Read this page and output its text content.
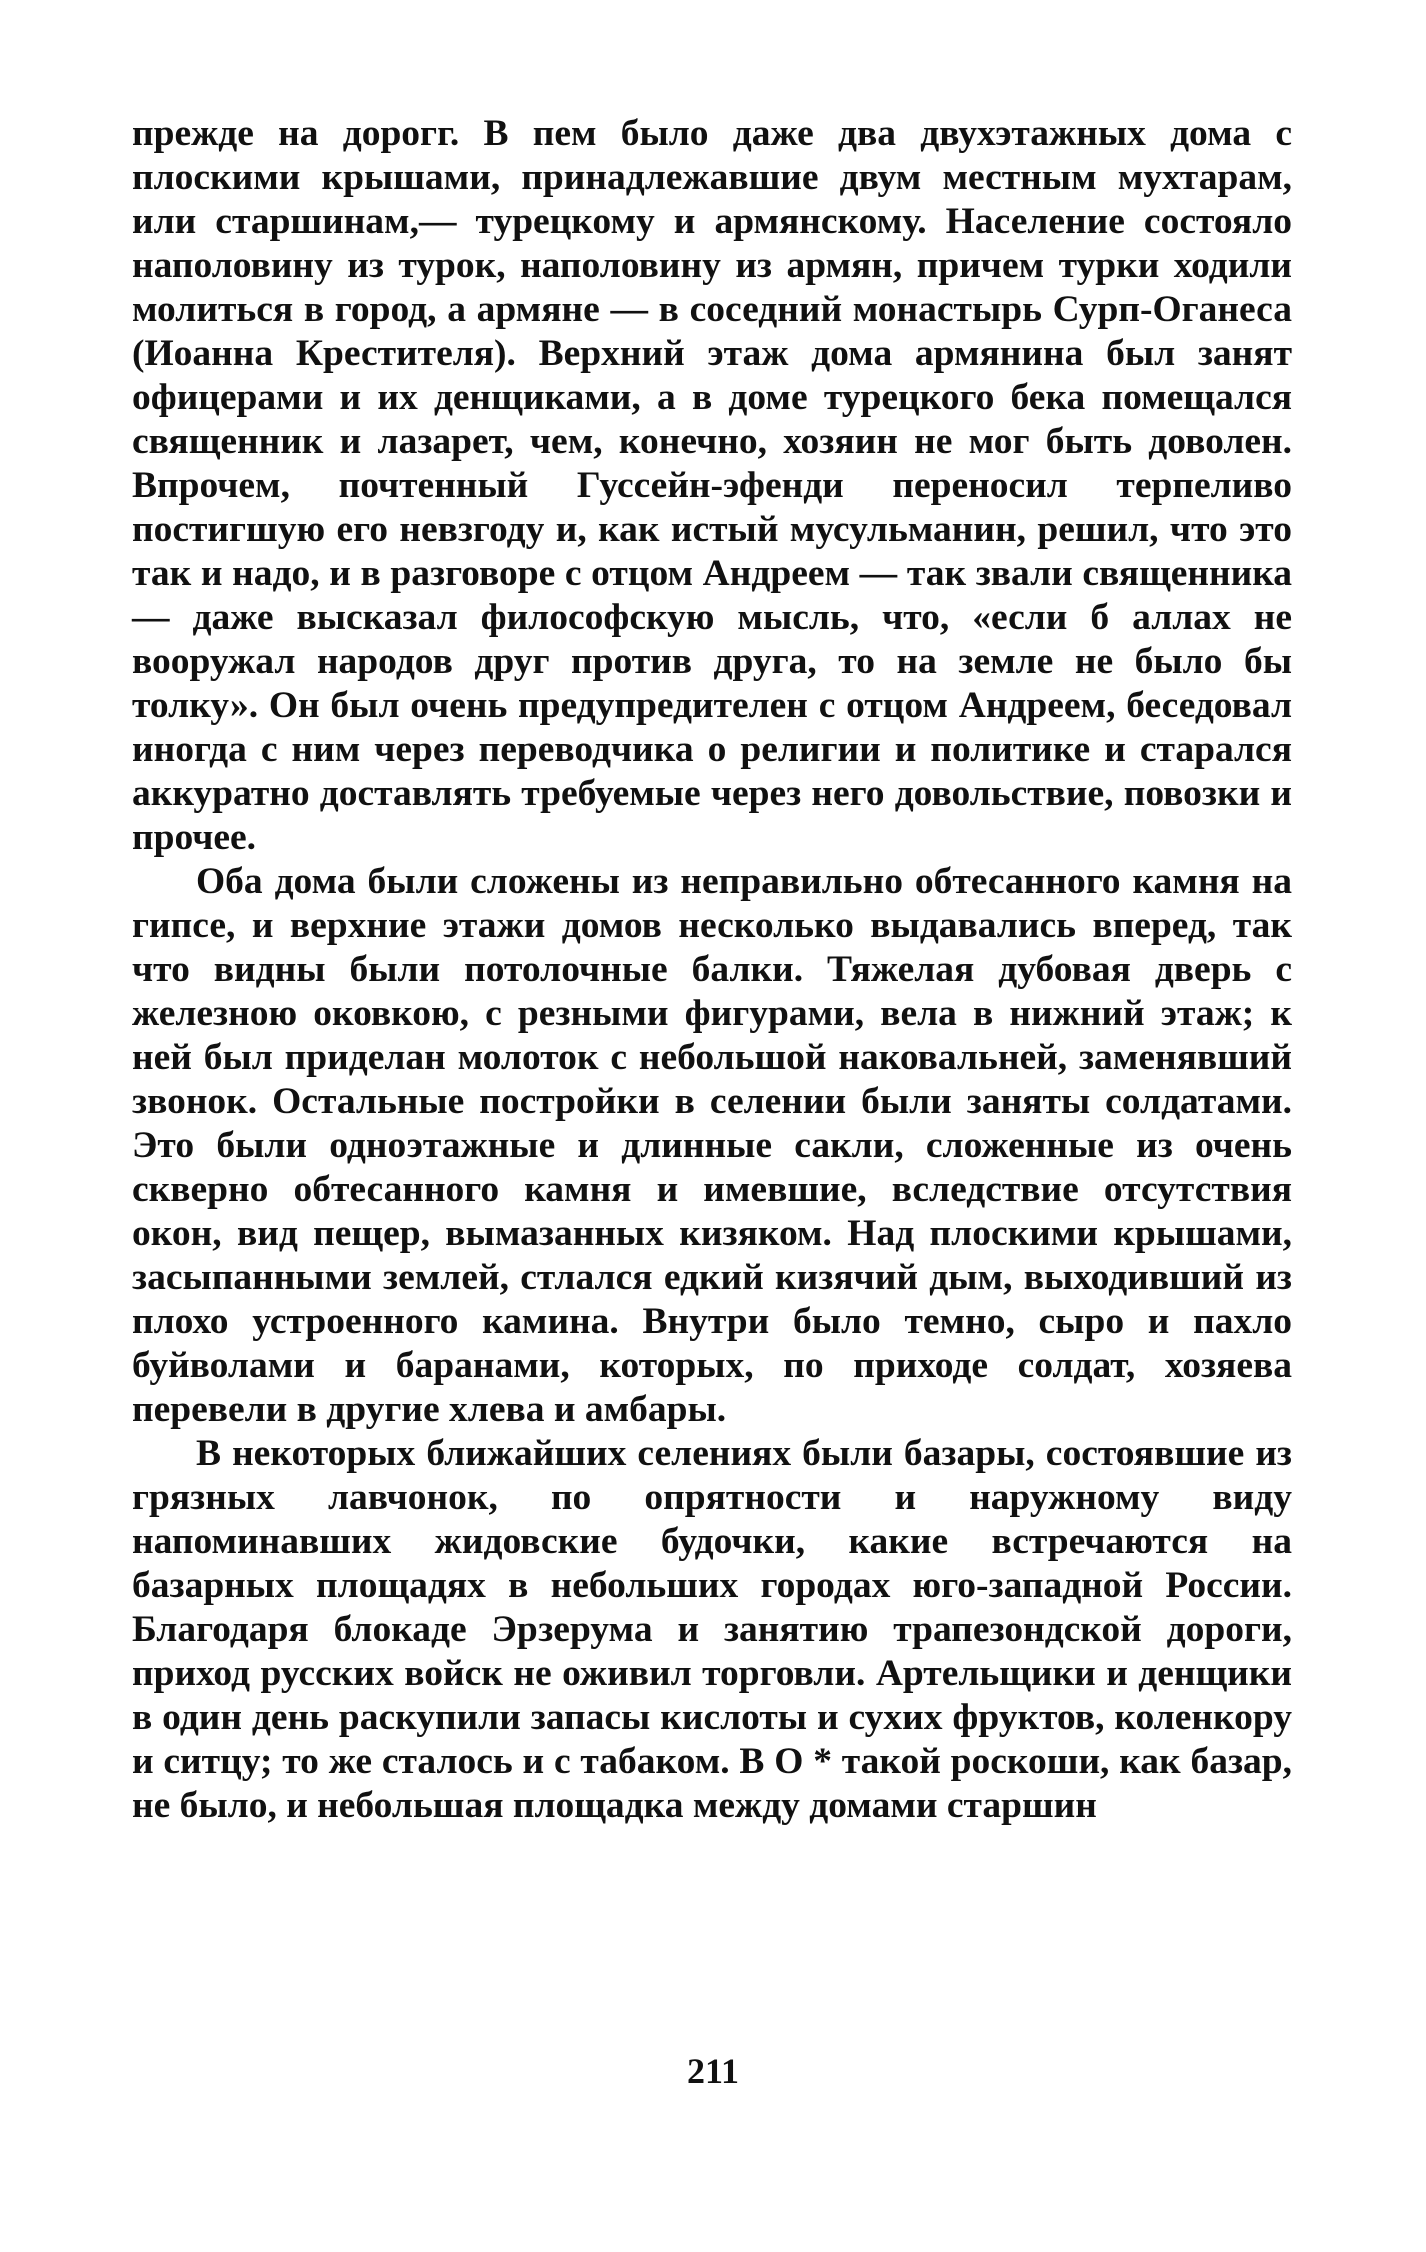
прежде на дорогг. В пем было даже два двухэтажных дома с плоскими крышами, принадлежавшие двум местным мухтарам, или старшинам,— турецкому и армянскому. Население состояло наполовину из турок, наполовину из армян, причем турки ходили молиться в город, а армяне — в соседний монастырь Сурп-Оганеса (Иоанна Крестителя). Верхний этаж дома армянина был занят офицерами и их денщиками, а в доме турецкого бека помещался священник и лазарет, чем, конечно, хозяин не мог быть доволен. Впрочем, почтенный Гуссейн-эфенди переносил терпеливо постигшую его невзгоду и, как истый мусульманин, решил, что это так и надо, и в разговоре с отцом Андреем — так звали священника — даже высказал философскую мысль, что, «если б аллах не вооружал народов друг против друга, то на земле не было бы толку». Он был очень предупредителен с отцом Андреем, беседовал иногда с ним через переводчика о религии и политике и старался аккуратно доставлять требуемые через него довольствие, повозки и прочее.

Оба дома были сложены из неправильно обтесанного камня на гипсе, и верхние этажи домов несколько выдавались вперед, так что видны были потолочные балки. Тяжелая дубовая дверь с железною оковкою, с резными фигурами, вела в нижний этаж; к ней был приделан молоток с небольшой наковальней, заменявший звонок. Остальные постройки в селении были заняты солдатами. Это были одноэтажные и длинные сакли, сложенные из очень скверно обтесанного камня и имевшие, вследствие отсутствия окон, вид пещер, вымазанных кизяком. Над плоскими крышами, засыпанными землей, стлался едкий кизячий дым, выходивший из плохо устроенного камина. Внутри было темно, сыро и пахло буйволами и баранами, которых, по приходе солдат, хозяева перевели в другие хлева и амбары.

В некоторых ближайших селениях были базары, состоявшие из грязных лавчонок, по опрятности и наружному виду напоминавших жидовские будочки, какие встречаются на базарных площадях в небольших городах юго-западной России. Благодаря блокаде Эрзерума и занятию трапезондской дороги, приход русских войск не оживил торговли. Артельщики и денщики в один день раскупили запасы кислоты и сухих фруктов, коленкору и ситцу; то же сталось и с табаком. В О * такой роскоши, как базар, не было, и небольшая площадка между домами старшин

211
